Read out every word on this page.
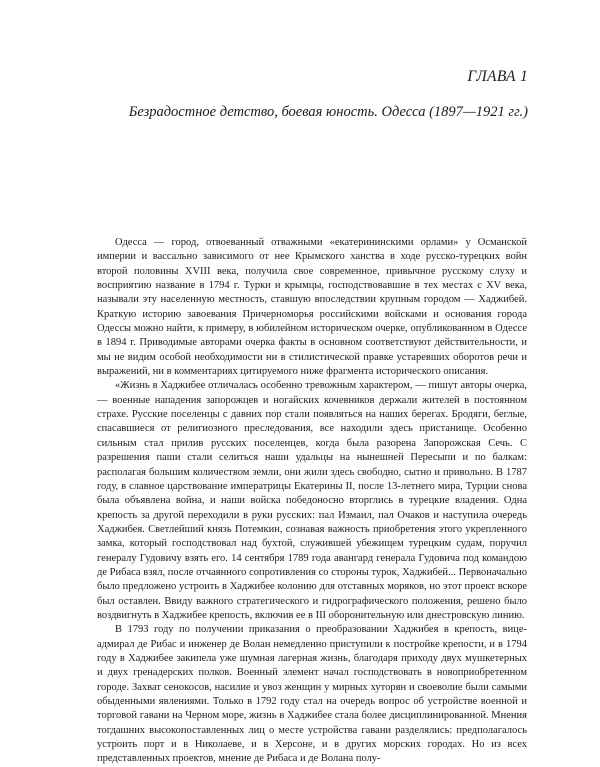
ГЛАВА 1
Безрадостное детство, боевая юность. Одесса (1897—1921 гг.)

Одесса — город, отвоеванный отважными «екатерининскими орлами» у Османской империи и вассально зависимого от нее Крымского ханства в ходе русско-турецких войн второй половины XVIII века, получила свое современное, привычное русскому слуху и восприятию название в 1794 г. Турки и крымцы, господствовавшие в тех местах с XV века, называли эту населенную местность, ставшую впоследствии крупным городом — Хаджибей. Краткую историю завоевания Причерноморья российскими войсками и основания города Одессы можно найти, к примеру, в юбилейном историческом очерке, опубликованном в Одессе в 1894 г. Приводимые авторами очерка факты в основном соответствуют действительности, и мы не видим особой необходимости ни в стилистической правке устаревших оборотов речи и выражений, ни в комментариях цитируемого ниже фрагмента исторического описания.

«Жизнь в Хаджибее отличалась особенно тревожным характером, — пишут авторы очерка,— военные нападения запорожцев и ногайских кочевников держали жителей в постоянном страхе. Русские поселенцы с давних пор стали появляться на наших берегах. Бродяги, беглые, спасавшиеся от религиозного преследования, все находили здесь пристанище. Особенно сильным стал прилив русских поселенцев, когда была разорена Запорожская Сечь. С разрешения паши стали селиться наши удальцы на нынешней Пересыпи и по балкам: располагая большим количеством земли, они жили здесь свободно, сытно и привольно. В 1787 году, в славное царствование императрицы Екатерины II, после 13-летнего мира, Турции снова была объявлена война, и наши войска победоносно вторглись в турецкие владения. Одна крепость за другой переходили в руки русских: пал Измаил, пал Очаков и наступила очередь Хаджибея. Светлейший князь Потемкин, сознавая важность приобретения этого укрепленного замка, который господствовал над бухтой, служившей убежищем турецким судам, поручил генералу Гудовичу взять его. 14 сентября 1789 года авангард генерала Гудовича под командою де Рибаса взял, после отчаянного сопротивления со стороны турок, Хаджибей... Первоначально было предложено устроить в Хаджибее колонию для отставных моряков, но этот проект вскоре был оставлен. Ввиду важного стратегического и гидрографического положения, решено было воздвигнуть в Хаджибее крепость, включив ее в III оборонительную или днестровскую линию.

В 1793 году по получении приказания о преобразовании Хаджибея в крепость, вице-адмирал де Рибас и инженер де Волан немедленно приступили к постройке крепости, и в 1794 году в Хаджибее закипела уже шумная лагерная жизнь, благодаря приходу двух мушкетерных и двух гренадерских полков. Военный элемент начал господствовать в новоприобретенном городе. Захват сенокосов, насилие и увоз женщин у мирных хуторян и своеволие были самыми обыденными явлениями. Только в 1792 году стал на очередь вопрос об устройстве военной и торговой гавани на Черном море, жизнь в Хаджибее стала более дисциплинированной. Мнения тогдашних высокопоставленных лиц о месте устройства гавани разделялись: предполагалось устроить порт и в Николаеве, и в Херсоне, и в других морских городах. Но из всех представленных проектов, мнение де Рибаса и де Волана полу-
